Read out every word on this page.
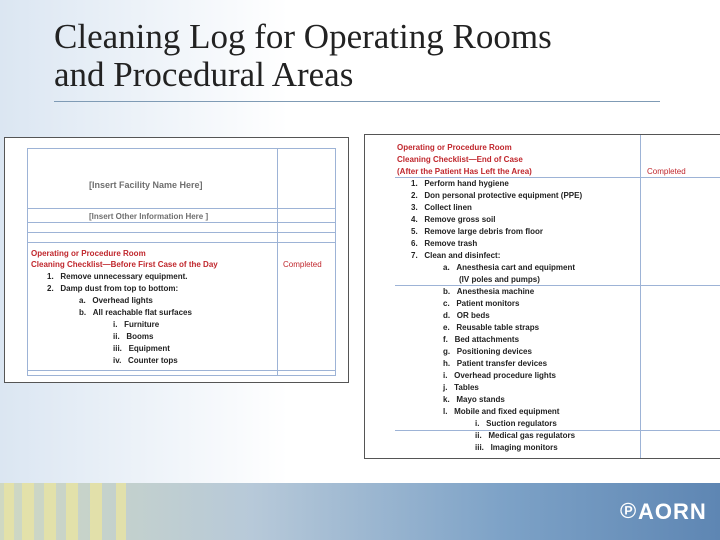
Cleaning Log for Operating Rooms
and Procedural Areas
[Insert Facility Name Here]
[Insert Other Information Here ]
Operating or Procedure Room
Cleaning Checklist—Before First Case of the Day	Completed
1. Remove unnecessary equipment.
2. Damp dust from top to bottom:
a. Overhead lights
b. All reachable flat surfaces
i. Furniture
ii. Booms
iii. Equipment
iv. Counter tops
Operating or Procedure Room
Cleaning Checklist—End of Case
(After the Patient Has Left the Area)	Completed
1. Perform hand hygiene
2. Don personal protective equipment (PPE)
3. Collect linen
4. Remove gross soil
5. Remove large debris from floor
6. Remove trash
7. Clean and disinfect:
a. Anesthesia cart and equipment
(IV poles and pumps)
b. Anesthesia machine
c. Patient monitors
d. OR beds
e. Reusable table straps
f. Bed attachments
g. Positioning devices
h. Patient transfer devices
i. Overhead procedure lights
j. Tables
k. Mayo stands
l. Mobile and fixed equipment
i. Suction regulators
ii. Medical gas regulators
iii. Imaging monitors
℗ AORN
